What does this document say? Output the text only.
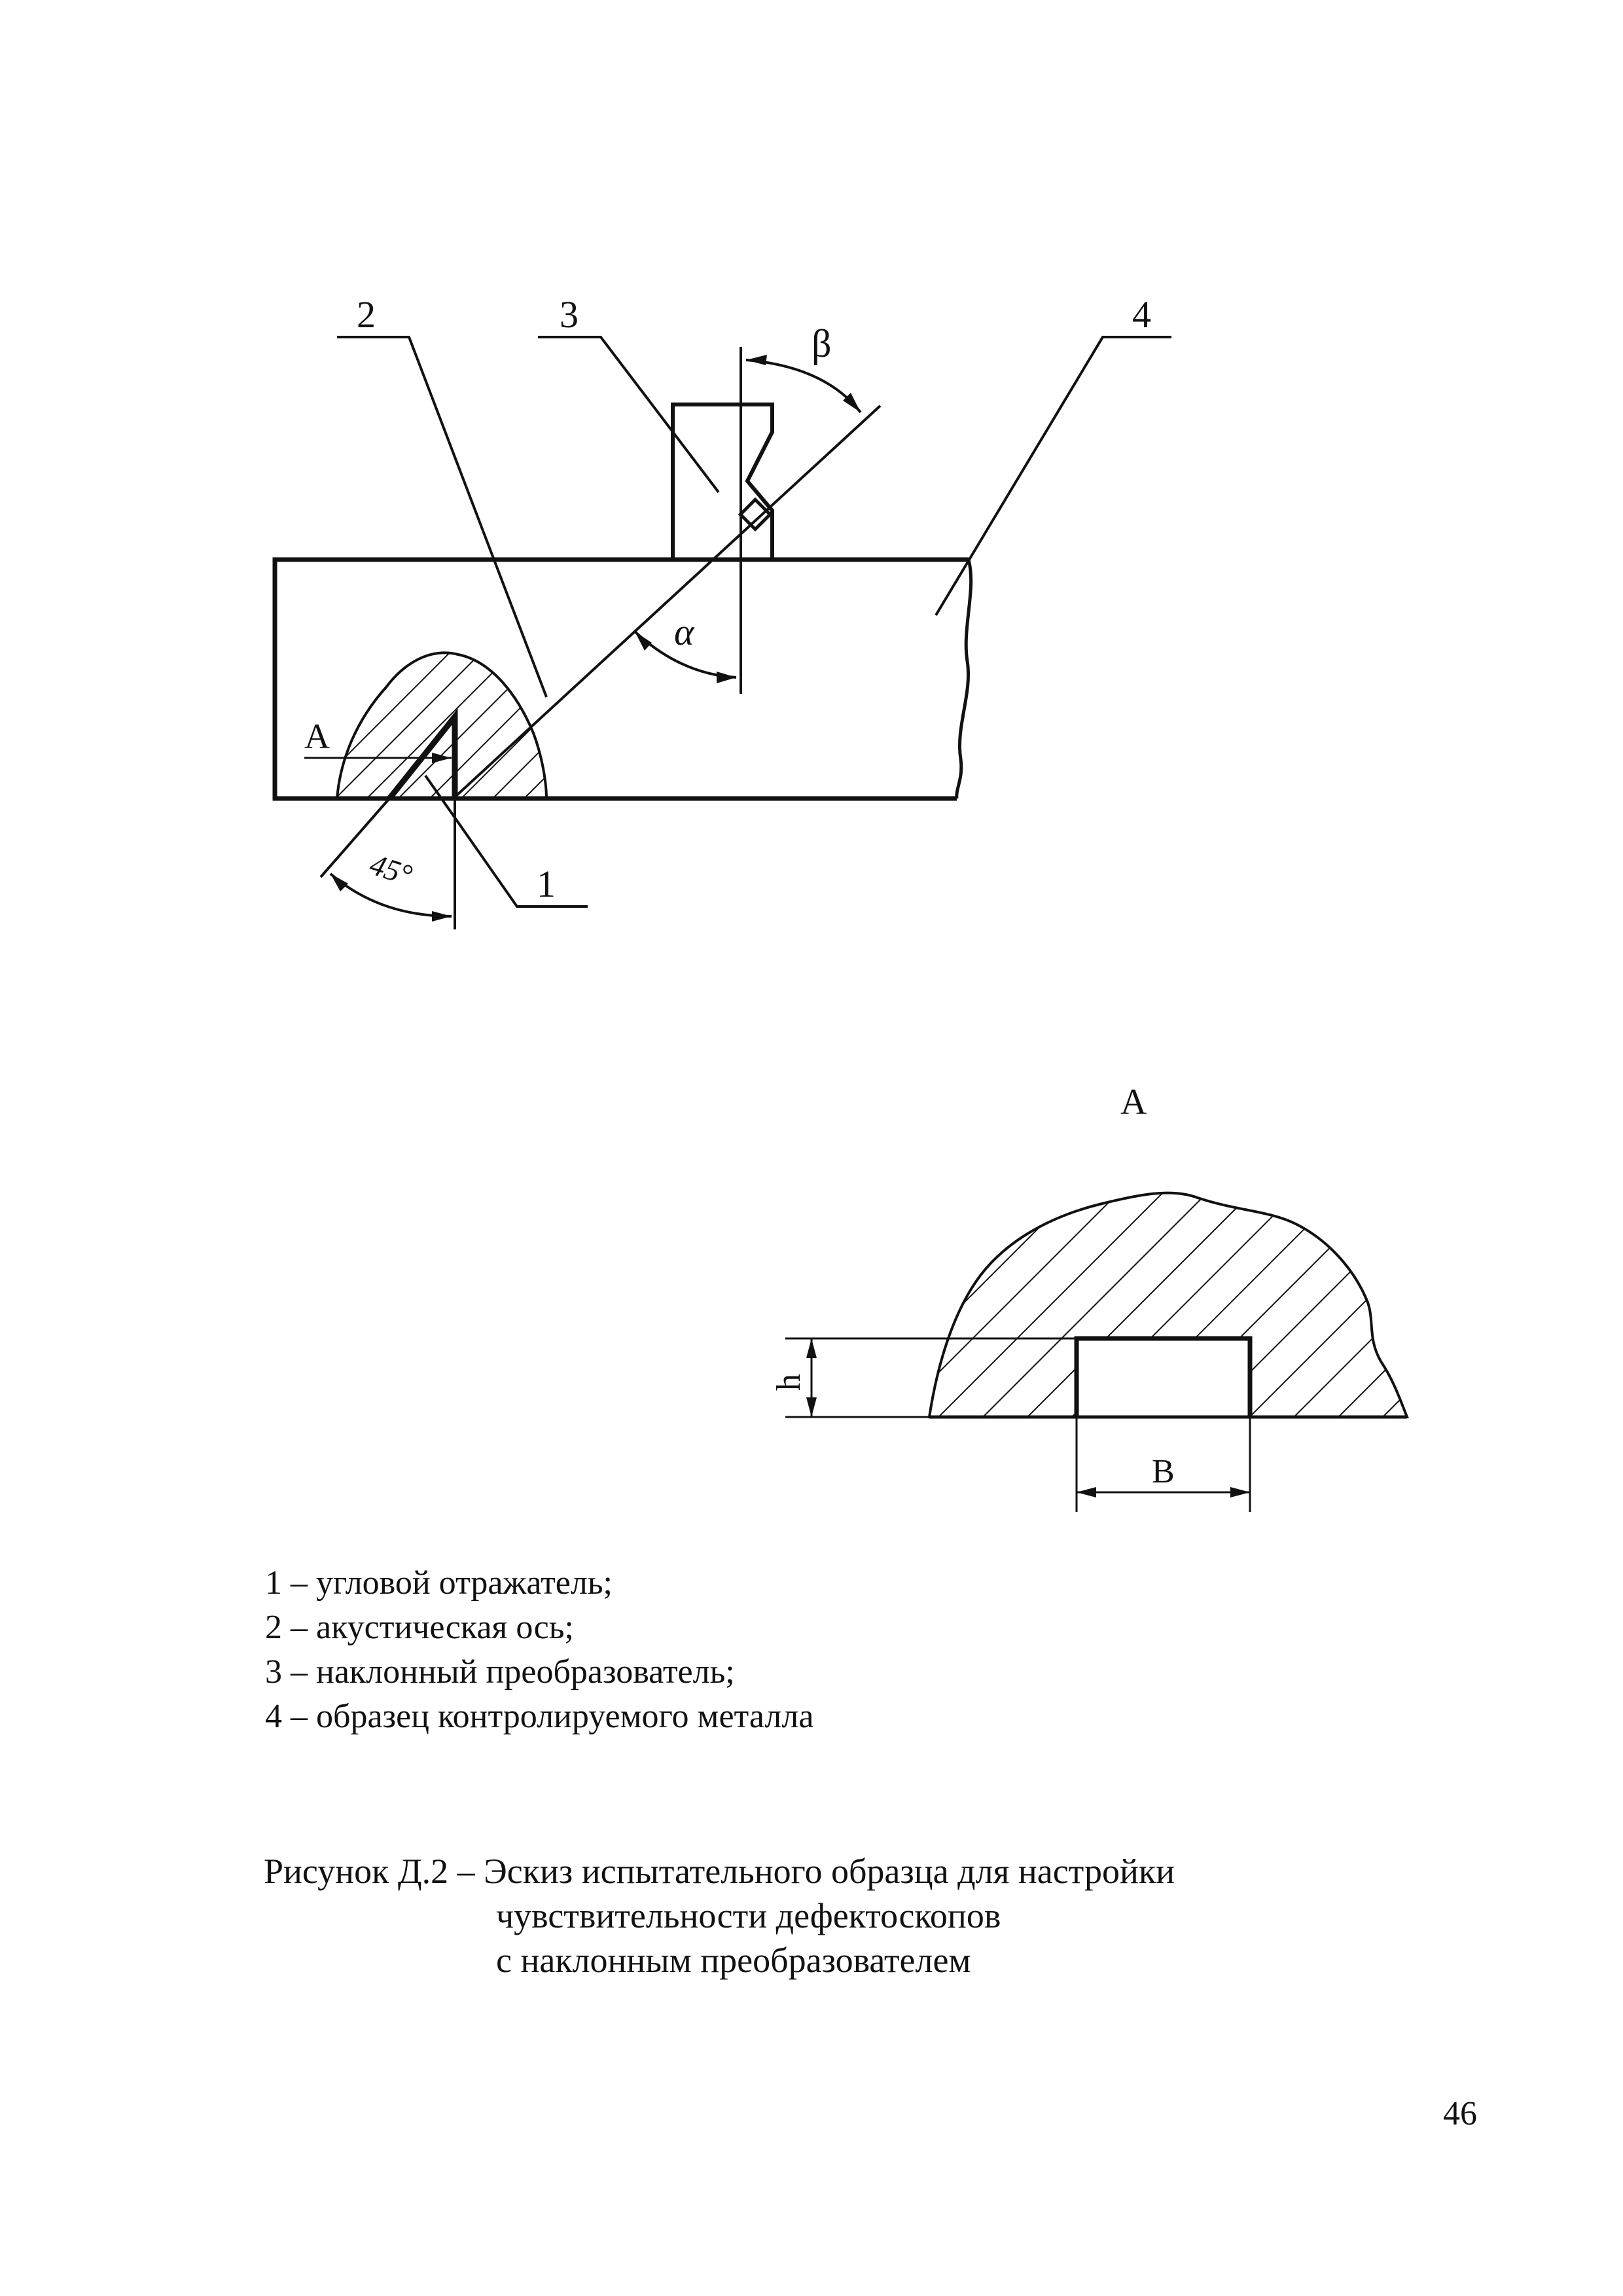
2	3	4
1
A
β
α
45°
А
h
B
1 – угловой отражатель;
2 – акустическая ось;
3 – наклонный преобразователь;
4 – образец контролируемого металла
Рисунок Д.2 – Эскиз испытательного образца для настройки
чувствительности дефектоскопов
с наклонным преобразователем
46
